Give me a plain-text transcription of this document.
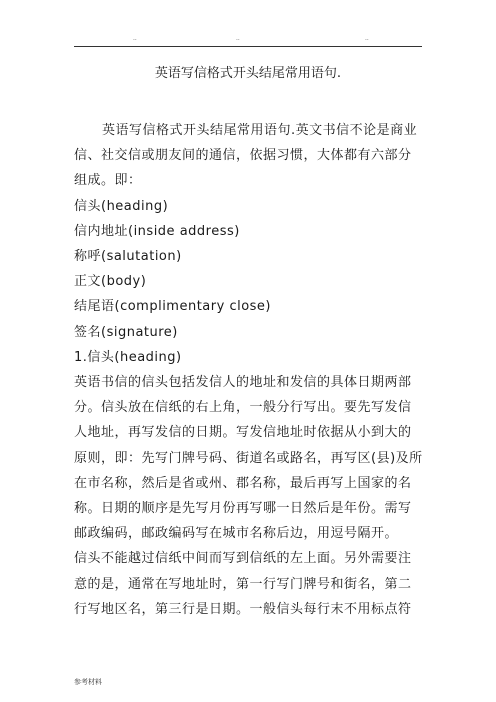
..	..	..
英语写信格式开头结尾常用语句.

英语写信格式开头结尾常用语句.英文书信不论是商业信、社交信或朋友间的通信，依据习惯，大体都有六部分组成。即：

信头(heading)

信内地址(inside address)

称呼(salutation)

正文(body)

结尾语(complimentary close)

签名(signature)

1.信头(heading)

英语书信的信头包括发信人的地址和发信的具体日期两部分。信头放在信纸的右上角，一般分行写出。要先写发信人地址，再写发信的日期。写发信地址时依据从小到大的原则，即：先写门牌号码、街道名或路名，再写区(县)及所在市名称，然后是省或州、郡名称，最后再写上国家的名称。日期的顺序是先写月份再写哪一日然后是年份。需写邮政编码，邮政编码写在城市名称后边，用逗号隔开。

信头不能越过信纸中间而写到信纸的左上面。另外需要注意的是，通常在写地址时，第一行写门牌号和街名，第二行写地区名，第三行是日期。一般信头每行末不用标点符

参考材料
